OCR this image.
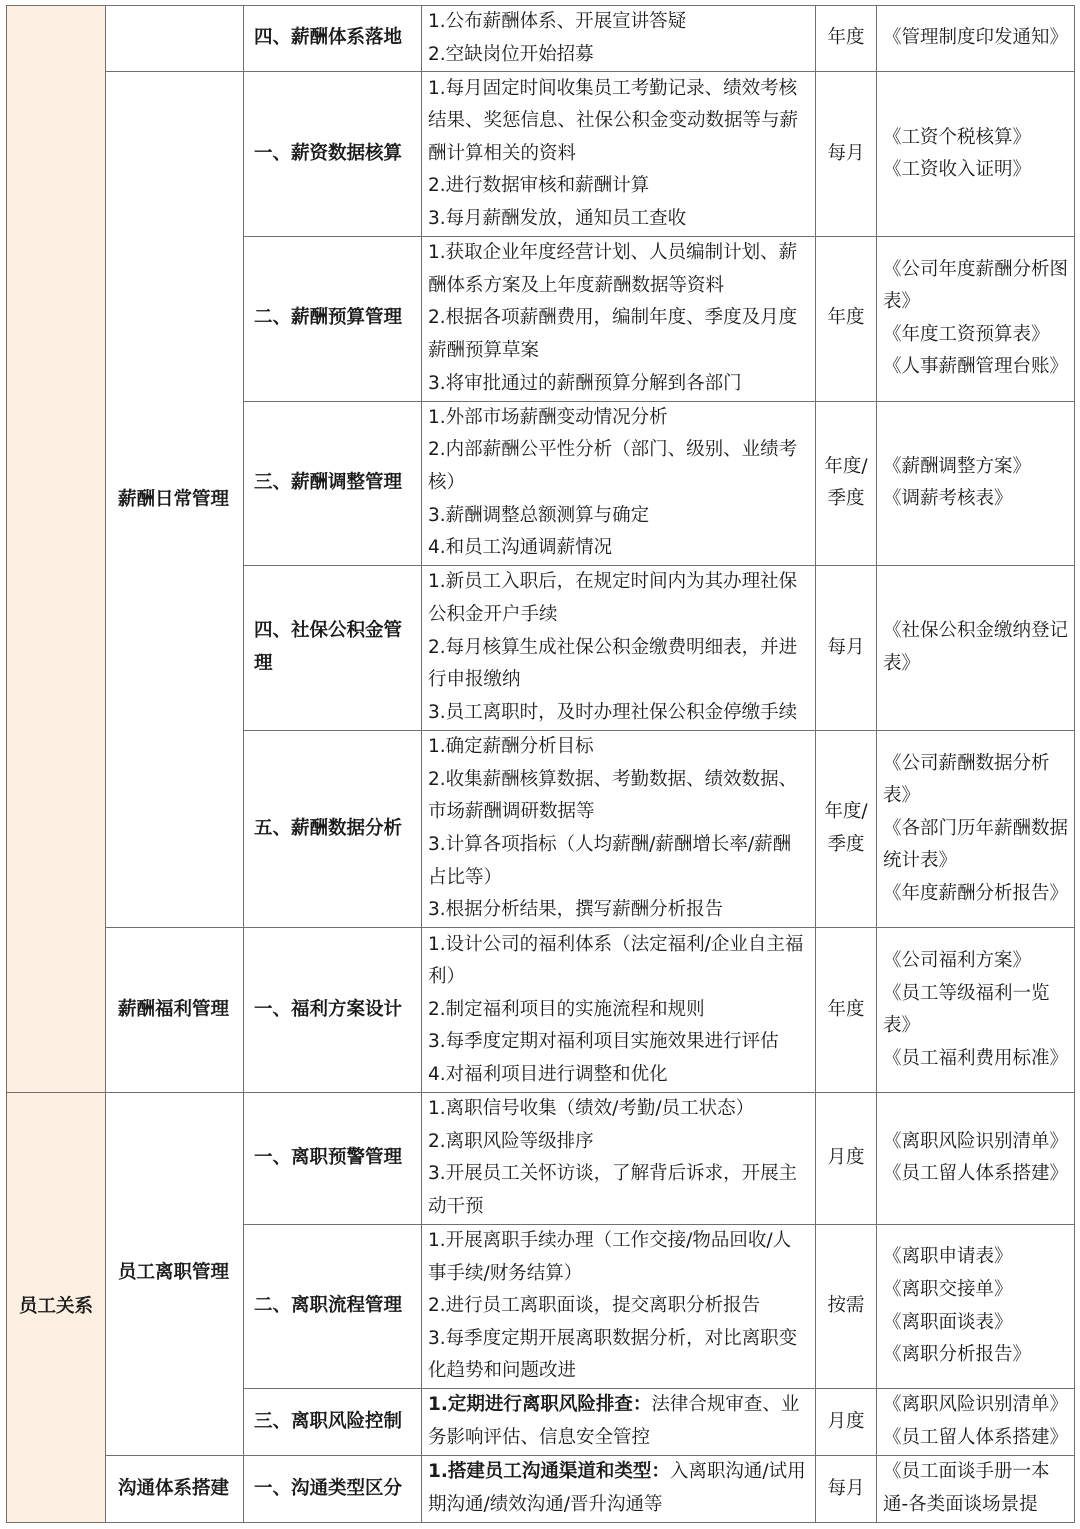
		四、薪酬体系落地	1.公布薪酬体系、开展宣讲答疑
2.空缺岗位开始招募	年度	《管理制度印发通知》

	薪酬日常管理	一、薪资数据核算	1.每月固定时间收集员工考勤记录、绩效考核结果、奖惩信息、社保公积金变动数据等与薪酬计算相关的资料
2.进行数据审核和薪酬计算
3.每月薪酬发放，通知员工查收	每月	《工资个税核算》
《工资收入证明》

		二、薪酬预算管理	1.获取企业年度经营计划、人员编制计划、薪酬体系方案及上年度薪酬数据等资料
2.根据各项薪酬费用，编制年度、季度及月度薪酬预算草案
3.将审批通过的薪酬预算分解到各部门	年度	《公司年度薪酬分析图表》
《年度工资预算表》
《人事薪酬管理台账》

		三、薪酬调整管理	1.外部市场薪酬变动情况分析
2.内部薪酬公平性分析（部门、级别、业绩考核）
3.薪酬调整总额测算与确定
4.和员工沟通调薪情况	年度/季度	《薪酬调整方案》
《调薪考核表》

		四、社保公积金管理	1.新员工入职后，在规定时间内为其办理社保公积金开户手续
2.每月核算生成社保公积金缴费明细表，并进行申报缴纳
3.员工离职时，及时办理社保公积金停缴手续	每月	《社保公积金缴纳登记表》

		五、薪酬数据分析	1.确定薪酬分析目标
2.收集薪酬核算数据、考勤数据、绩效数据、市场薪酬调研数据等
3.计算各项指标（人均薪酬/薪酬增长率/薪酬占比等）
3.根据分析结果，撰写薪酬分析报告	年度/季度	《公司薪酬数据分析表》
《各部门历年薪酬数据统计表》
《年度薪酬分析报告》

	薪酬福利管理	一、福利方案设计	1.设计公司的福利体系（法定福利/企业自主福利）
2.制定福利项目的实施流程和规则
3.每季度定期对福利项目实施效果进行评估
4.对福利项目进行调整和优化	年度	《公司福利方案》
《员工等级福利一览表》
《员工福利费用标准》

员工关系	员工离职管理	一、离职预警管理	1.离职信号收集（绩效/考勤/员工状态）
2.离职风险等级排序
3.开展员工关怀访谈，了解背后诉求，开展主动干预	月度	《离职风险识别清单》
《员工留人体系搭建》

		二、离职流程管理	1.开展离职手续办理（工作交接/物品回收/人事手续/财务结算）
2.进行员工离职面谈，提交离职分析报告
3.每季度定期开展离职数据分析，对比离职变化趋势和问题改进	按需	《离职申请表》
《离职交接单》
《离职面谈表》
《离职分析报告》

		三、离职风险控制	1.定期进行离职风险排查：法律合规审查、业务影响评估、信息安全管控	月度	《离职风险识别清单》
《员工留人体系搭建》

	沟通体系搭建	一、沟通类型区分	1.搭建员工沟通渠道和类型：入离职沟通/试用期沟通/绩效沟通/晋升沟通等	每月	《员工面谈手册一本通-各类面谈场景提
